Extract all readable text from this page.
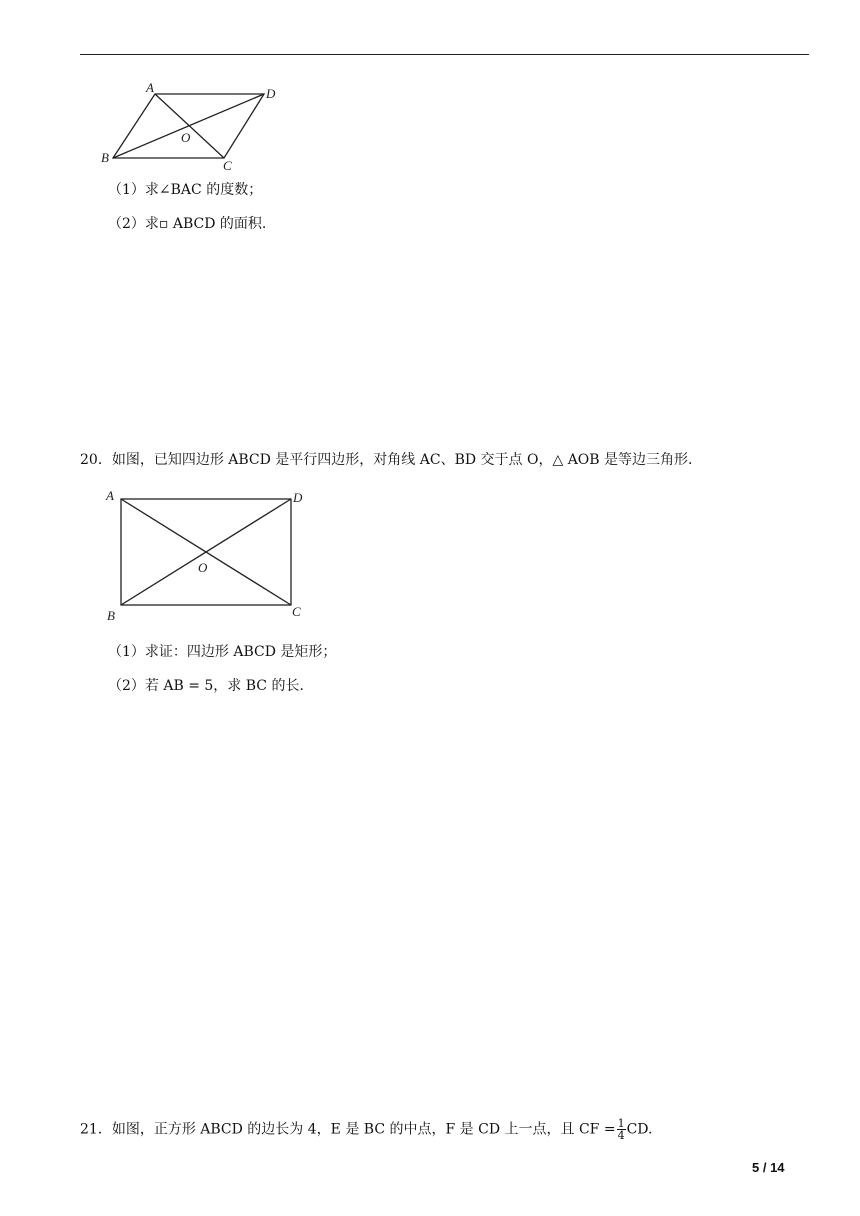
A	D
O
B
C
（1）求∠BAC 的度数；
（2）求▫ ABCD 的面积.
20．如图，已知四边形 ABCD 是平行四边形，对角线 AC、BD 交于点 O，△ AOB 是等边三角形.
A	D
O
B	C
（1）求证：四边形 ABCD 是矩形；
（2）若 AB = 5，求 BC 的长.
21．如图，正方形 ABCD 的边长为 4，E 是 BC 的中点，F 是 CD 上一点，且 CF = $\frac{1}{4}$ CD.
5 / 14
